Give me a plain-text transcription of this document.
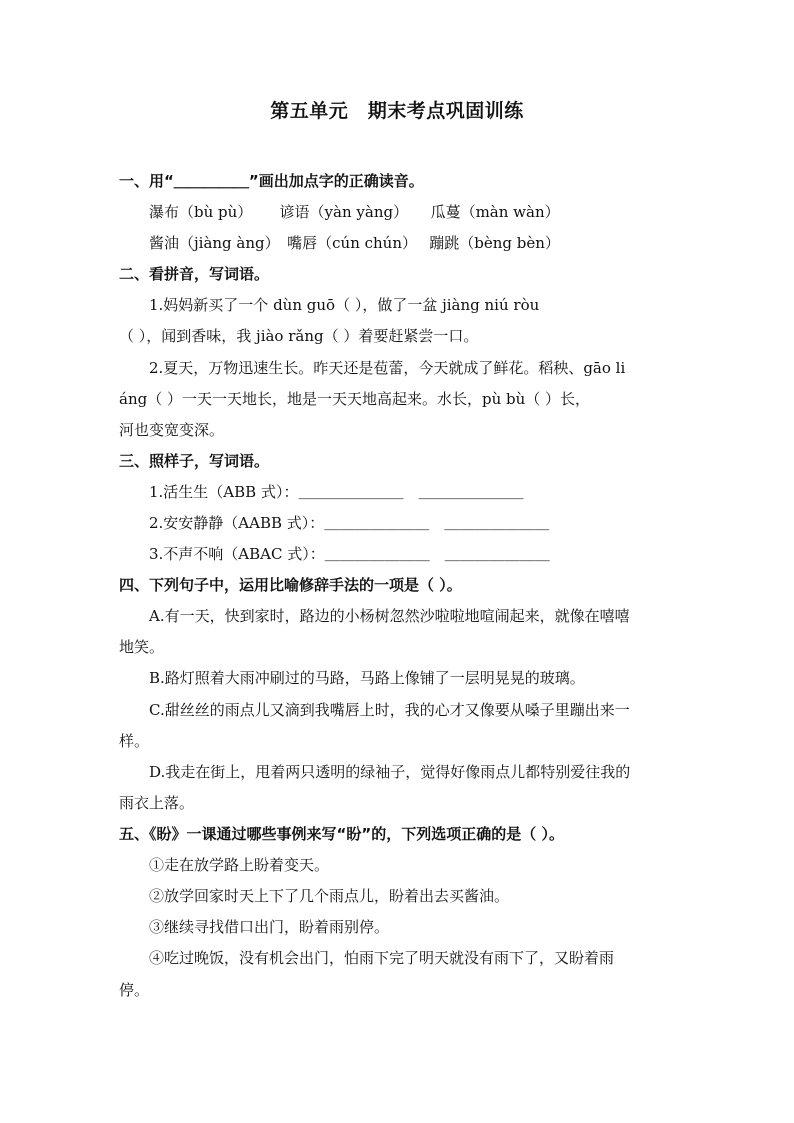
第五单元　期末考点巩固训练
一、用“＿＿＿＿＿”画出加点字的正确读音。
瀑布（bù pù）　　 谚语（yàn yàng）　　瓜蔓（màn wàn）
酱油（jiàng àng）　嘴唇（cún chún）　 蹦跳（bèng bèn）
二、看拼音，写词语。
1.妈妈新买了一个 dùn guō（ ），做了一盆 jiàng niú ròu
（ ），闻到香味，我 jiào rǎng（ ）着要赶紧尝一口。
2.夏天，万物迅速生长。昨天还是苞蕾，今天就成了鲜花。稻秧、gāo li
áng（ ）一天一天地长，地是一天天地高起来。水长，pù bù（ ）长，
河也变宽变深。
三、照样子，写词语。
1.活生生（ABB 式）：＿＿＿＿＿＿＿　＿＿＿＿＿＿＿
2.安安静静（AABB 式）：＿＿＿＿＿＿＿　＿＿＿＿＿＿＿
3.不声不响（ABAC 式）：＿＿＿＿＿＿＿　＿＿＿＿＿＿＿
四、下列句子中，运用比喻修辞手法的一项是（ ）。
A.有一天，快到家时，路边的小杨树忽然沙啦啦地喧闹起来，就像在嘻嘻
地笑。
B.路灯照着大雨冲刷过的马路，马路上像铺了一层明晃晃的玻璃。
C.甜丝丝的雨点儿又滴到我嘴唇上时，我的心才又像要从嗓子里蹦出来一
样。
D.我走在街上，甩着两只透明的绿袖子，觉得好像雨点儿都特别爱往我的
雨衣上落。
五、《盼》一课通过哪些事例来写“盼”的，下列选项正确的是（ ）。
①走在放学路上盼着变天。
②放学回家时天上下了几个雨点儿，盼着出去买酱油。
③继续寻找借口出门，盼着雨别停。
④吃过晚饭，没有机会出门，怕雨下完了明天就没有雨下了，又盼着雨
停。
